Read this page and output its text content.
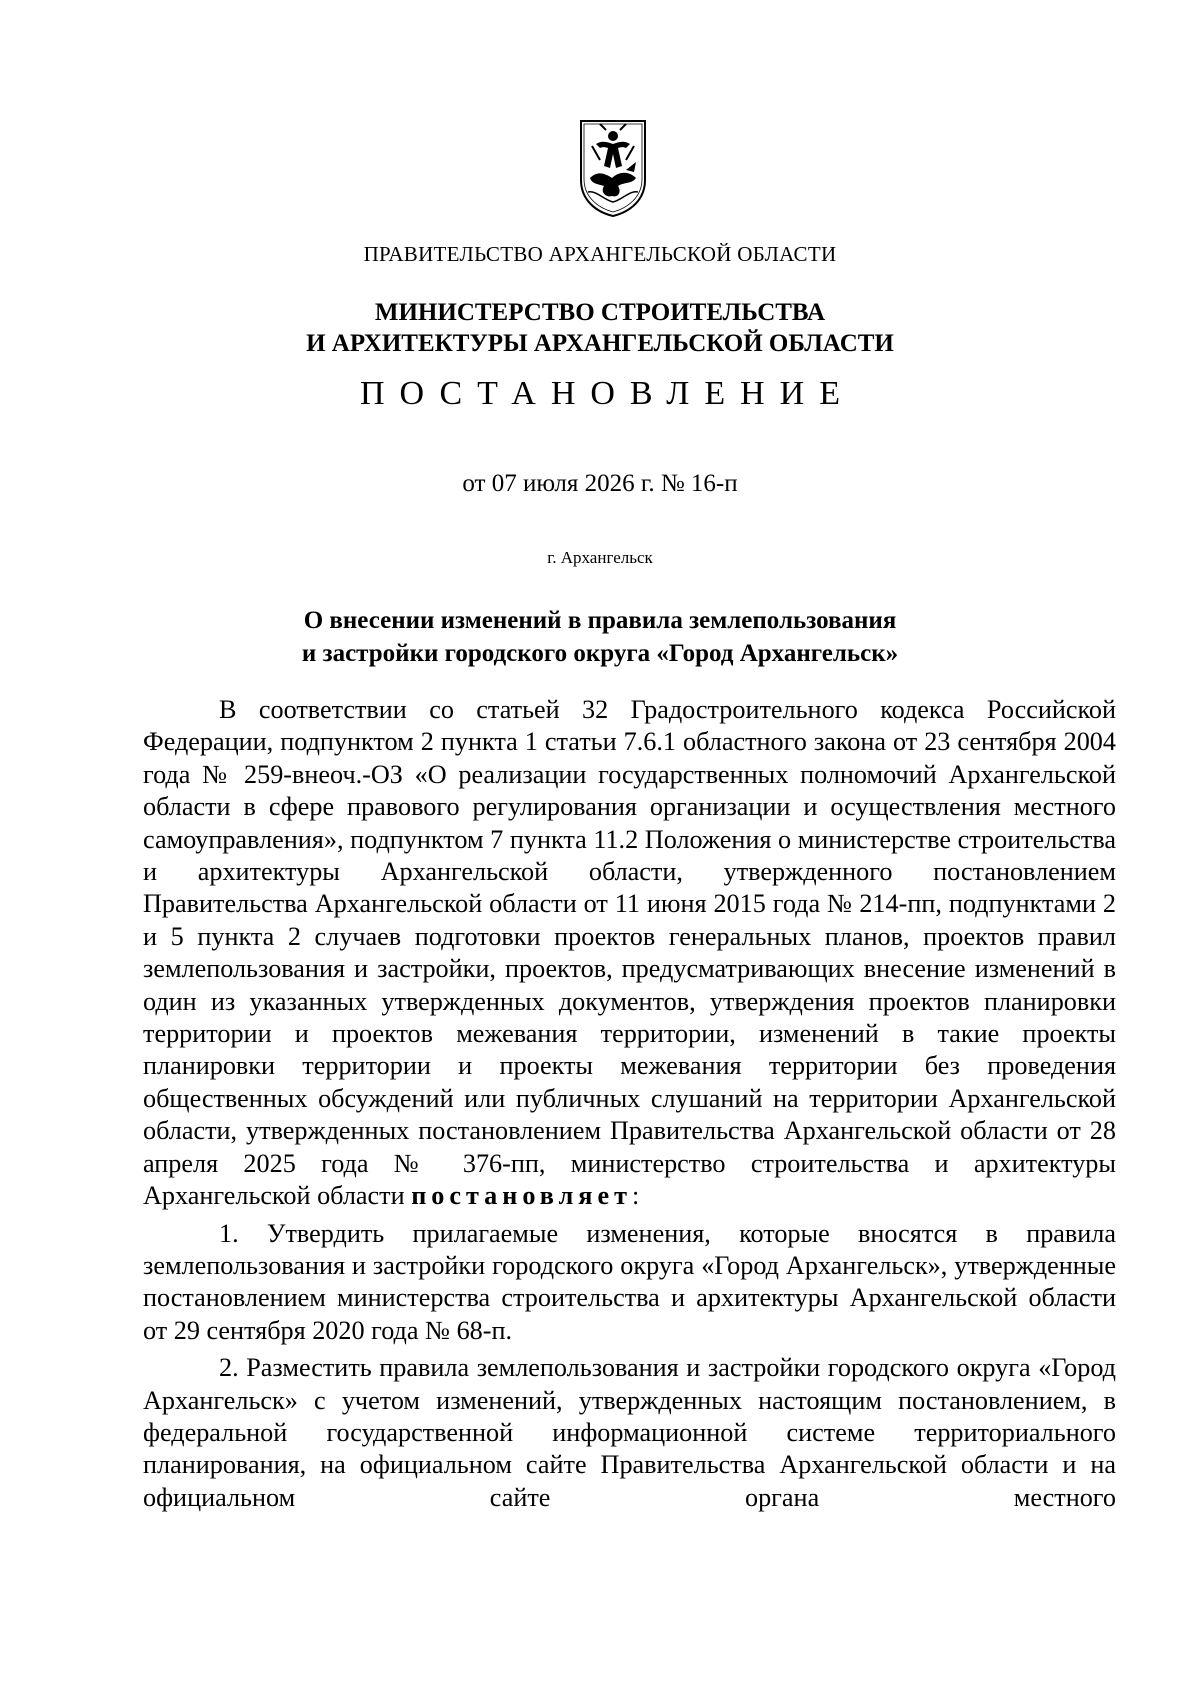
ПРАВИТЕЛЬСТВО АРХАНГЕЛЬСКОЙ ОБЛАСТИ
МИНИСТЕРСТВО СТРОИТЕЛЬСТВА
И АРХИТЕКТУРЫ АРХАНГЕЛЬСКОЙ ОБЛАСТИ
ПОСТАНОВЛЕНИЕ
от 07 июля 2026 г. № 16-п
г. Архангельск
О внесении изменений в правила землепользования
и застройки городского округа «Город Архангельск»

В соответствии со статьей 32 Градостроительного кодекса Российской Федерации, подпунктом 2 пункта 1 статьи 7.6.1 областного закона от 23 сентября 2004 года № 259-внеоч.-ОЗ «О реализации государственных полномочий Архангельской области в сфере правового регулирования организации и осуществления местного самоуправления», подпунктом 7 пункта 11.2 Положения о министерстве строительства и архитектуры Архангельской области, утвержденного постановлением Правительства Архангельской области от 11 июня 2015 года № 214-пп, подпунктами 2 и 5 пункта 2 случаев подготовки проектов генеральных планов, проектов правил землепользования и застройки, проектов, предусматривающих внесение изменений в один из указанных утвержденных документов, утверждения проектов планировки территории и проектов межевания территории, изменений в такие проекты планировки территории и проекты межевания территории без проведения общественных обсуждений или публичных слушаний на территории Архангельской области, утвержденных постановлением Правительства Архангельской области от 28 апреля 2025 года № 376-пп, министерство строительства и архитектуры Архангельской области постановляет:

1. Утвердить прилагаемые изменения, которые вносятся в правила землепользования и застройки городского округа «Город Архангельск», утвержденные постановлением министерства строительства и архитектуры Архангельской области от 29 сентября 2020 года № 68-п.

2. Разместить правила землепользования и застройки городского округа «Город Архангельск» с учетом изменений, утвержденных настоящим постановлением, в федеральной государственной информационной системе территориального планирования, на официальном сайте Правительства Архангельской области и на официальном сайте органа местного
